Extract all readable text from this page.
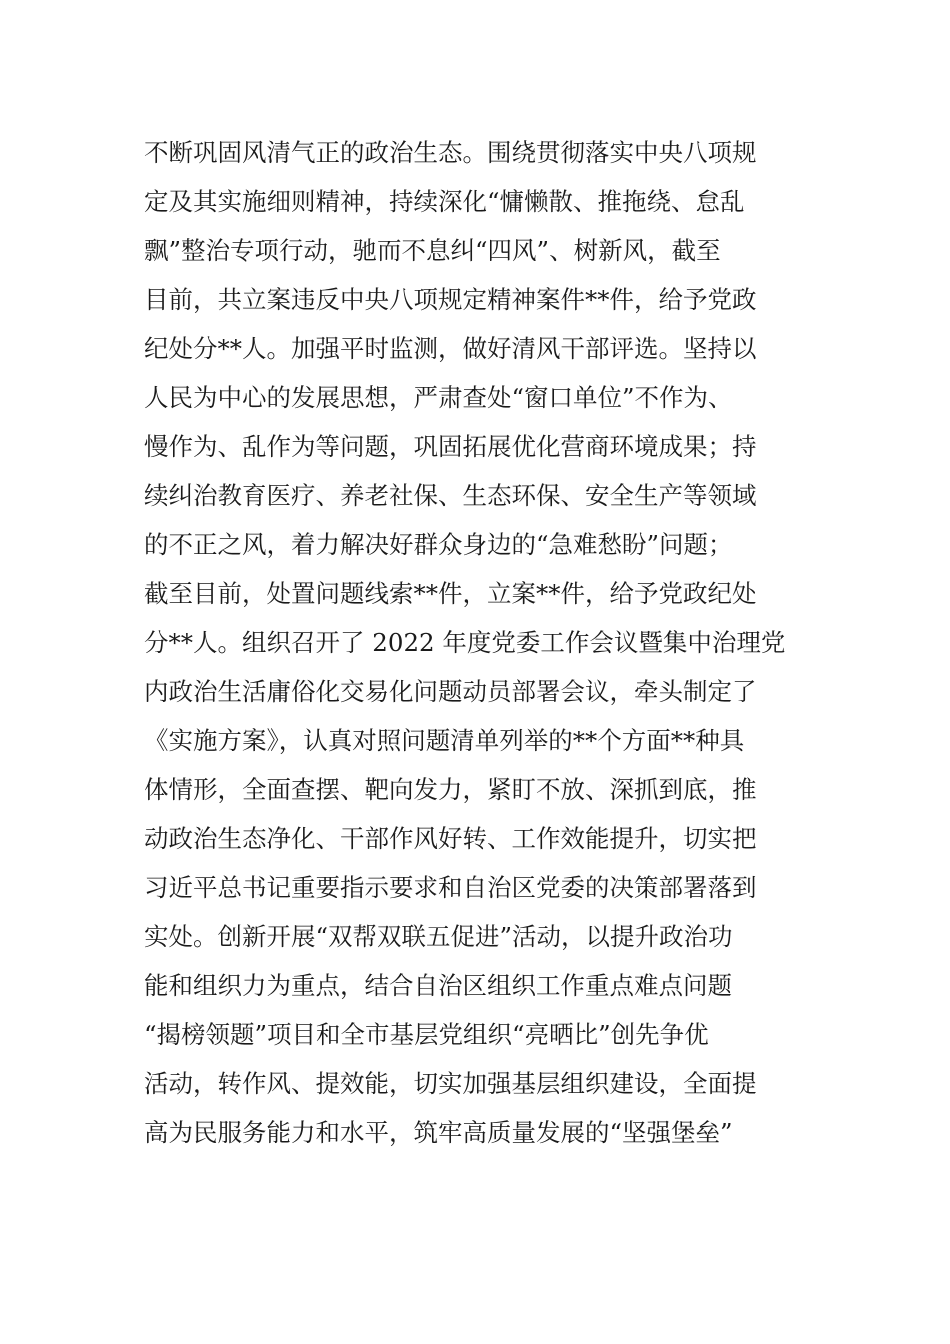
不断巩固风清气正的政治生态。围绕贯彻落实中央八项规
定及其实施细则精神，持续深化“慵懒散、推拖绕、怠乱
飘”整治专项行动，驰而不息纠“四风”、树新风，截至
目前，共立案违反中央八项规定精神案件**件，给予党政
纪处分**人。加强平时监测，做好清风干部评选。坚持以
人民为中心的发展思想，严肃查处“窗口单位”不作为、
慢作为、乱作为等问题，巩固拓展优化营商环境成果；持
续纠治教育医疗、养老社保、生态环保、安全生产等领域
的不正之风，着力解决好群众身边的“急难愁盼”问题；
截至目前，处置问题线索**件，立案**件，给予党政纪处
分**人。组织召开了 2022 年度党委工作会议暨集中治理党
内政治生活庸俗化交易化问题动员部署会议，牵头制定了
《实施方案》，认真对照问题清单列举的**个方面**种具
体情形，全面查摆、靶向发力，紧盯不放、深抓到底，推
动政治生态净化、干部作风好转、工作效能提升，切实把
习近平总书记重要指示要求和自治区党委的决策部署落到
实处。创新开展“双帮双联五促进”活动，以提升政治功
能和组织力为重点，结合自治区组织工作重点难点问题
“揭榜领题”项目和全市基层党组织“亮晒比”创先争优
活动，转作风、提效能，切实加强基层组织建设，全面提
高为民服务能力和水平，筑牢高质量发展的“坚强堡垒”
